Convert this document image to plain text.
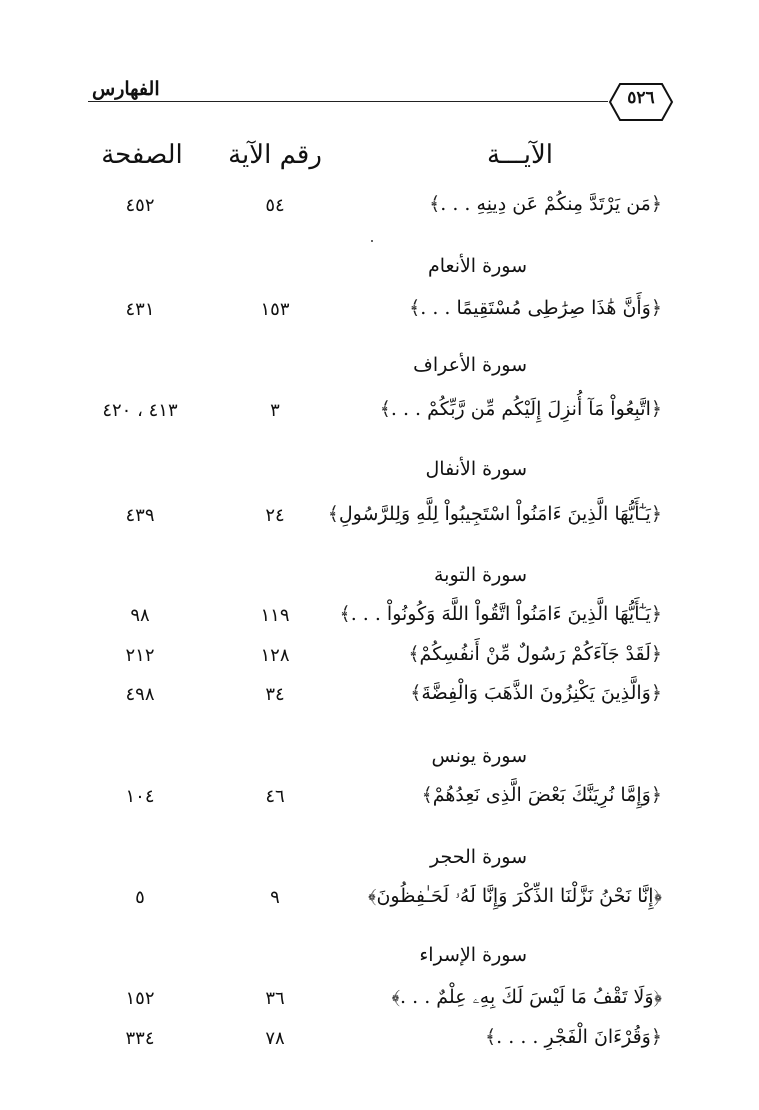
٥٢٦
الفهارس
الآيـــة
رقم الآية
الصفحة
﴿مَن يَرْتَدَّ مِنكُمْ عَن دِينِهِ . . .﴾
٥٤
٤٥٢
سورة الأنعام
﴿وَأَنَّ هَٰذَا صِرَٰطِى مُسْتَقِيمًا . . .﴾
١٥٣
٤٣١
سورة الأعراف
﴿اتَّبِعُواْ مَآ أُنزِلَ إِلَيْكُم مِّن رَّبِّكُمْ . . .﴾
٣
٤١٣ ، ٤٢٠
سورة الأنفال
﴿يَـٰٓأَيُّهَا الَّذِينَ ءَامَنُواْ اسْتَجِيبُواْ لِلَّهِ وَلِلرَّسُولِ﴾
٢٤
٤٣٩
سورة التوبة
﴿يَـٰٓأَيُّهَا الَّذِينَ ءَامَنُواْ اتَّقُواْ اللَّهَ وَكُونُواْ . . .﴾
١١٩
٩٨
﴿لَقَدْ جَآءَكُمْ رَسُولٌ مِّنْ أَنفُسِكُمْ﴾
١٢٨
٢١٢
﴿وَالَّذِينَ يَكْنِزُونَ الذَّهَبَ وَالْفِضَّةَ﴾
٣٤
٤٩٨
سورة يونس
﴿وَإِمَّا نُرِيَنَّكَ بَعْضَ الَّذِى نَعِدُهُمْ﴾
٤٦
١٠٤
سورة الحجر
﴿إِنَّا نَحْنُ نَزَّلْنَا الذِّكْرَ وَإِنَّا لَهُۥ لَحَـٰفِظُونَ﴾
٩
٥
سورة الإسراء
﴿وَلَا تَقْفُ مَا لَيْسَ لَكَ بِهِۦ عِلْمٌ . . .﴾
٣٦
١٥٢
﴿وَقُرْءَانَ الْفَجْرِ . . . .﴾
٧٨
٣٣٤
